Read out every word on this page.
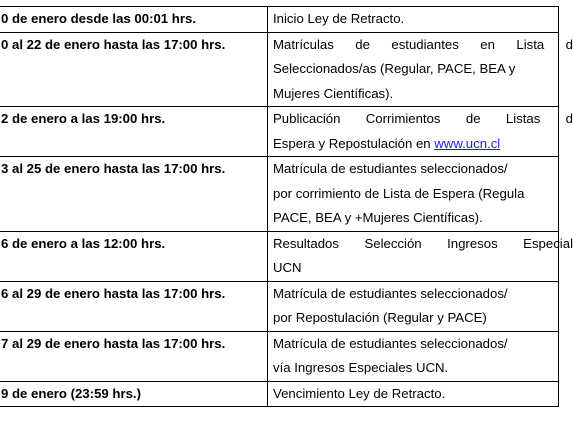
0 de enero desde las 00:01 hrs.	Inicio Ley de Retracto.

0 al 22 de enero hasta las 17:00 hrs.	Matrículas de estudiantes en Lista d
Seleccionados/as (Regular, PACE, BEA y
Mujeres Científicas).

2 de enero a las 19:00 hrs.	Publicación Corrimientos de Listas d
Espera y Repostulación en www.ucn.cl

3 al 25 de enero hasta las 17:00 hrs.	Matrícula de estudiantes seleccionados/
por corrimiento de Lista de Espera (Regula
PACE, BEA y +Mujeres Científicas).

6 de enero a las 12:00 hrs.	Resultados Selección Ingresos Especial
UCN

6 al 29 de enero hasta las 17:00 hrs.	Matrícula de estudiantes seleccionados/
por Repostulación (Regular y PACE)

7 al 29 de enero hasta las 17:00 hrs.	Matrícula de estudiantes seleccionados/
vía Ingresos Especiales UCN.

9 de enero (23:59 hrs.)	Vencimiento Ley de Retracto.
